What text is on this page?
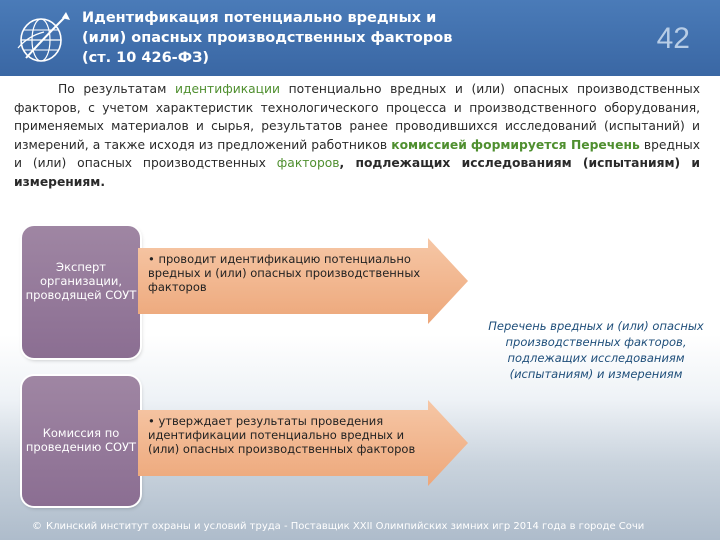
Идентификация потенциально вредных и
(или) опасных производственных факторов
(ст. 10 426-ФЗ)
42
По результатам идентификации потенциально вредных и (или) опасных производственных факторов, с учетом характеристик технологического процесса и производственного оборудования, применяемых материалов и сырья, результатов ранее проводившихся исследований (испытаний) и измерений, а также исходя из предложений работников комиссией формируется Перечень вредных и (или) опасных производственных факторов, подлежащих исследованиям (испытаниям) и измерениям.
Эксперт организации, проводящей СОУТ
• проводит идентификацию потенциально вредных и (или) опасных производственных факторов
Комиссия по проведению СОУТ
• утверждает результаты проведения идентификации потенциально вредных и (или) опасных производственных факторов
Перечень вредных и (или) опасных производственных факторов, подлежащих исследованиям (испытаниям) и измерениям
© Клинский институт охраны и условий труда - Поставщик XXII Олимпийских зимних игр 2014 года в городе Сочи
